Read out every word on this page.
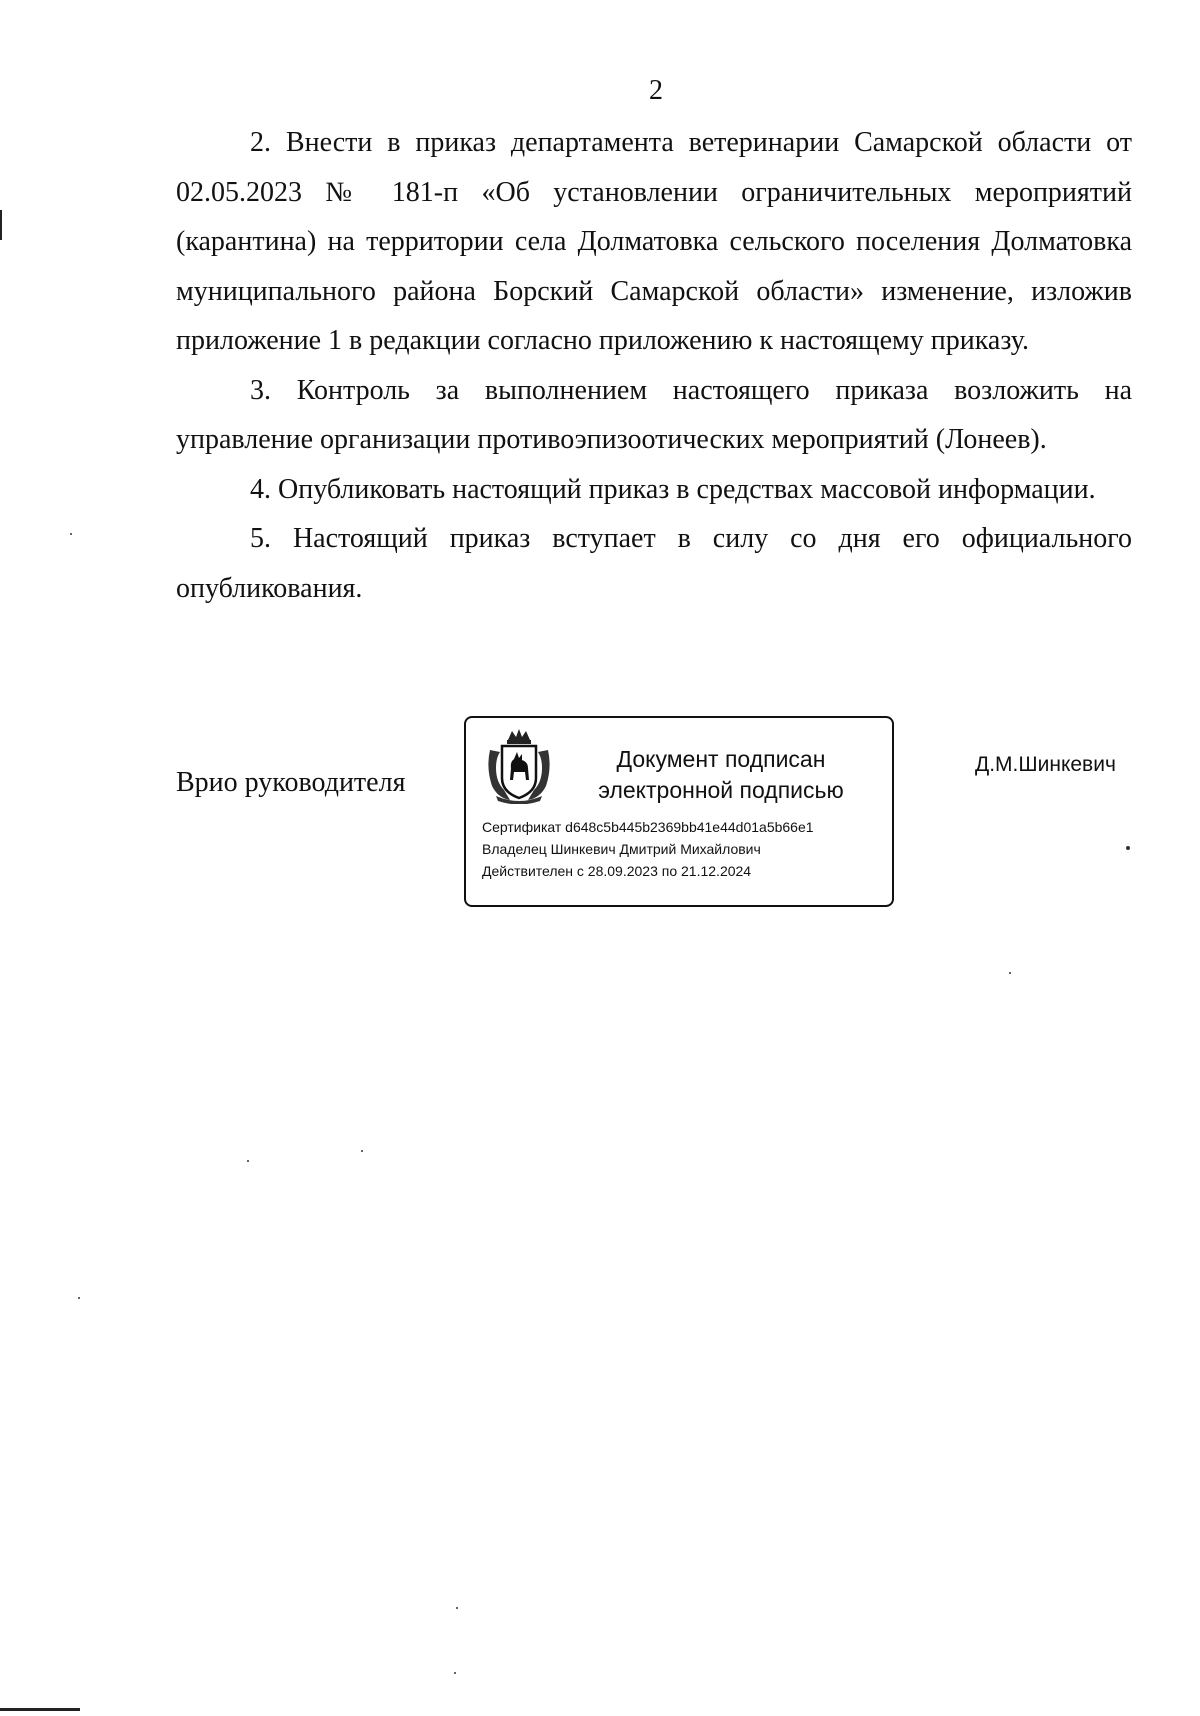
2

2. Внести в приказ департамента ветеринарии Самарской области от 02.05.2023 № 181-п «Об установлении ограничительных мероприятий (карантина) на территории села Долматовка сельского поселения Долматовка муниципального района Борский Самарской области» изменение, изложив приложение 1 в редакции согласно приложению к настоящему приказу.

3. Контроль за выполнением настоящего приказа возложить на управление организации противоэпизоотических мероприятий (Лонеев).

4. Опубликовать настоящий приказ в средствах массовой информации.

5. Настоящий приказ вступает в силу со дня его официального опубликования.

Врио руководителя
Документ подписан
электронной подписью
Сертификат d648c5b445b2369bb41e44d01a5b66e1
Владелец Шинкевич Дмитрий Михайлович
Действителен с 28.09.2023 по 21.12.2024
Д.М.Шинкевич
